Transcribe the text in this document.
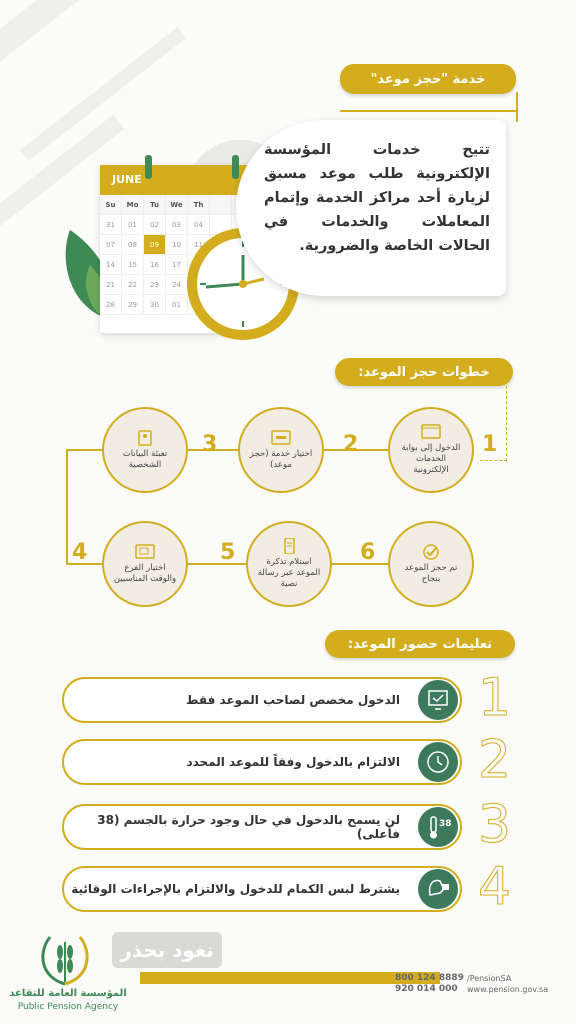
خدمة "حجز موعد"
JUNE
Su	Mo	Tu	We	Th
31	01	02	03	04
07	08	09	10	11
14	15	16	17
21	22	23	24
28	29	30	01
تتيح خدمات المؤسسة الإلكترونية طلب موعد مسبق لزيارة أحد مراكز الخدمة وإتمام المعاملات والخدمات في الحالات الخاصة والضرورية.
خطوات حجز الموعد:
الدخول إلى بوابة الخدمات الإلكترونية
1
اختيار خدمة (حجز موعد)
2
تعبئة البيانات الشخصية
3
اختيار الفرع والوقت المناسبين
4	استلام تذكرة الموعد عبر رسالة نصية
5
تم حجز الموعد بنجاح
6
تعليمات حضور الموعد:
الدخول مخصص لصاحب الموعد فقط 1
الالتزام بالدخول وفقاً للموعد المحدد 2
لن يسمح بالدخول في حال وجود حرارة بالجسم (38 فأعلى)
38 3
يشترط لبس الكمام للدخول والالتزام بالإجراءات الوقائية 4
المؤسسة العامة للتقاعد
Public Pension Agency
نعود بحذر
800 124 8889
920 014 000
/PensionSA
www.pension.gov.sa
